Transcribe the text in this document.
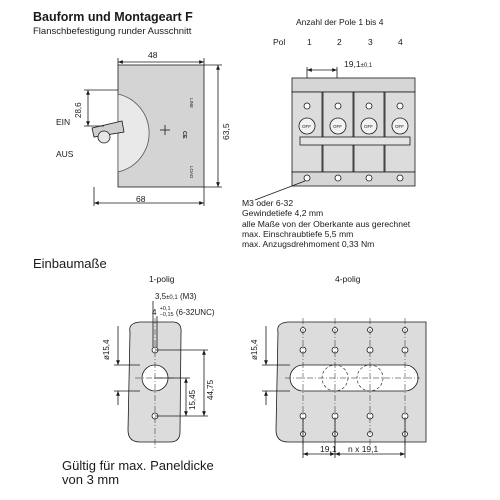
Bauform und Montageart F
Flanschbefestigung runder Ausschnitt
48
68
EIN
AUS
Anzahl der Pole 1 bis 4
Pol	1	2	3	4
19,1±0,1
M3 oder 6-32
Gewindetiefe 4,2 mm
alle Maße von der Oberkante aus gerechnet
max. Einschraubtiefe 5,5 mm
max. Anzugsdrehmoment 0,33 Nm
Einbaumaße
1-polig	4-polig
3,5±0,1 (M3)
4 +0,1
−0,15 (6-32UNC)
19,1 n x 19,1
Gültig für max. Paneldicke
von 3 mm
63,5
28,6	LINE
LOAD
CE
OFF	OFF	OFF	OFF
ø15,4
15,45 44,75
ø15,4
